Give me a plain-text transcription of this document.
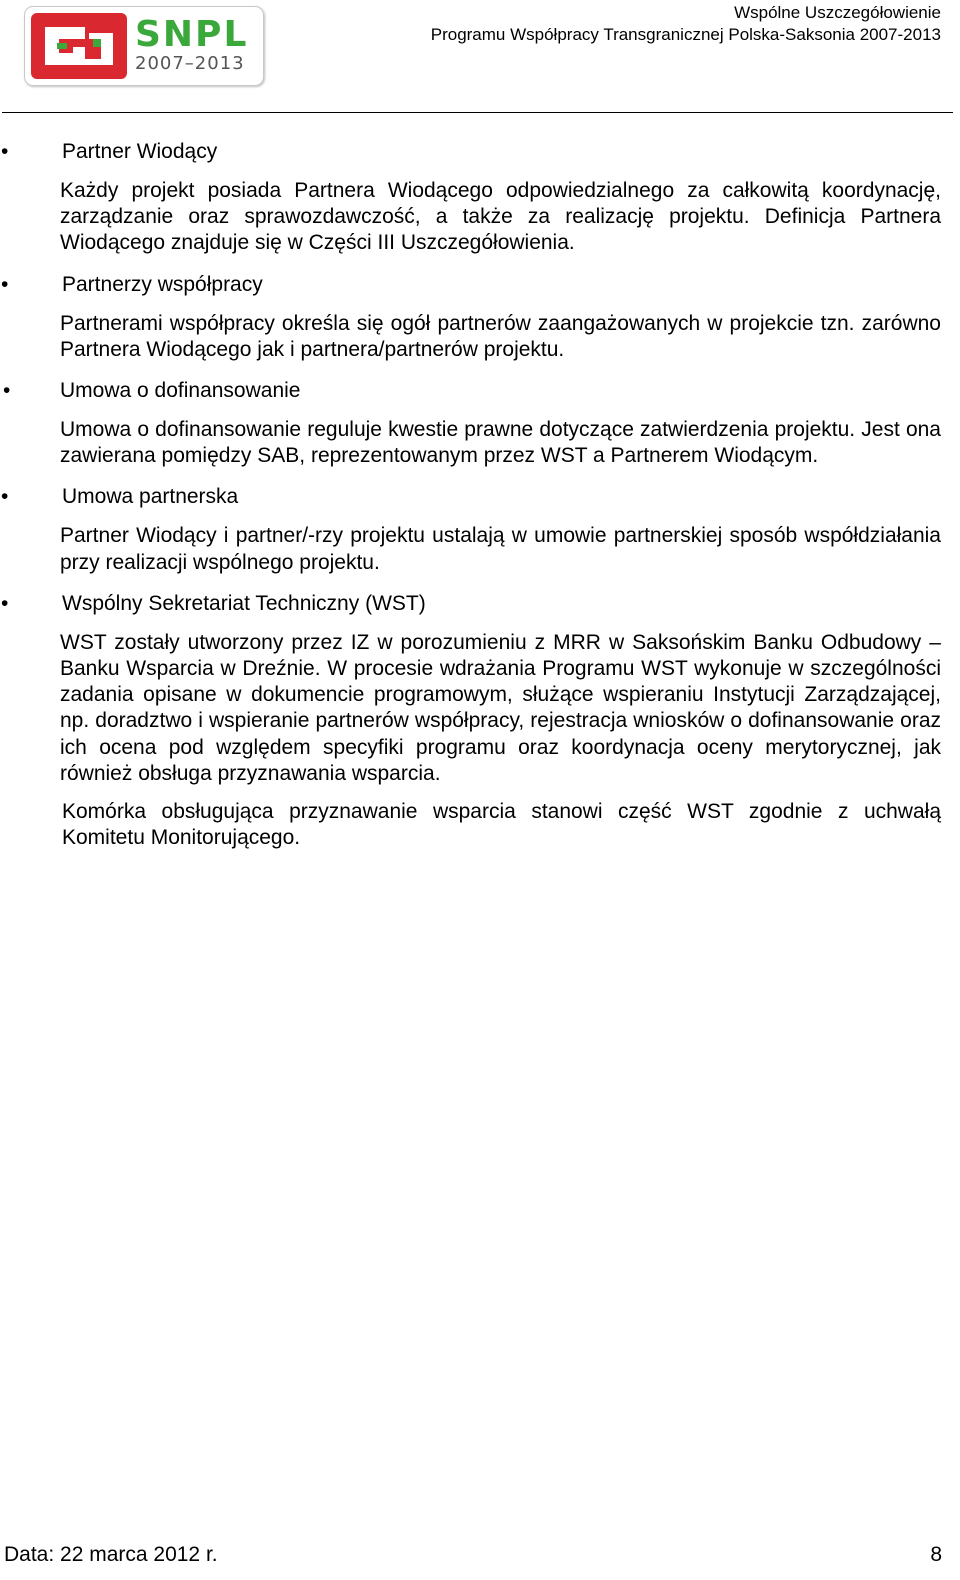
SNPL
2007–2013
Wspólne Uszczegółowienie
Programu Współpracy Transgranicznej Polska-Saksonia 2007-2013
•	Partner Wiodący
Każdy projekt posiada Partnera Wiodącego odpowiedzialnego za całkowitą koordynację, zarządzanie oraz sprawozdawczość, a także za realizację projektu. Definicja Partnera Wiodącego znajduje się w Części III Uszczegółowienia.
•	Partnerzy współpracy
Partnerami współpracy określa się ogół partnerów zaangażowanych w projekcie tzn. zarówno Partnera Wiodącego jak i partnera/partnerów projektu.
• Umowa o dofinansowanie
Umowa o dofinansowanie reguluje kwestie prawne dotyczące zatwierdzenia projektu. Jest ona zawierana pomiędzy SAB, reprezentowanym przez WST a Partnerem Wiodącym.
•	Umowa partnerska
Partner Wiodący i partner/-rzy projektu ustalają w umowie partnerskiej sposób współdziałania przy realizacji wspólnego projektu.
•	Wspólny Sekretariat Techniczny (WST)
WST zostały utworzony przez IZ w porozumieniu z MRR w Saksońskim Banku Odbudowy – Banku Wsparcia w Dreźnie. W procesie wdrażania Programu WST wykonuje w szczególności zadania opisane w dokumencie programowym, służące wspieraniu Instytucji Zarządzającej, np. doradztwo i wspieranie partnerów współpracy, rejestracja wniosków o dofinansowanie oraz ich ocena pod względem specyfiki programu oraz koordynacja oceny merytorycznej, jak również obsługa przyznawania wsparcia.
Komórka obsługująca przyznawanie wsparcia stanowi część WST zgodnie z uchwałą Komitetu Monitorującego.
Data: 22 marca 2012 r.	8
